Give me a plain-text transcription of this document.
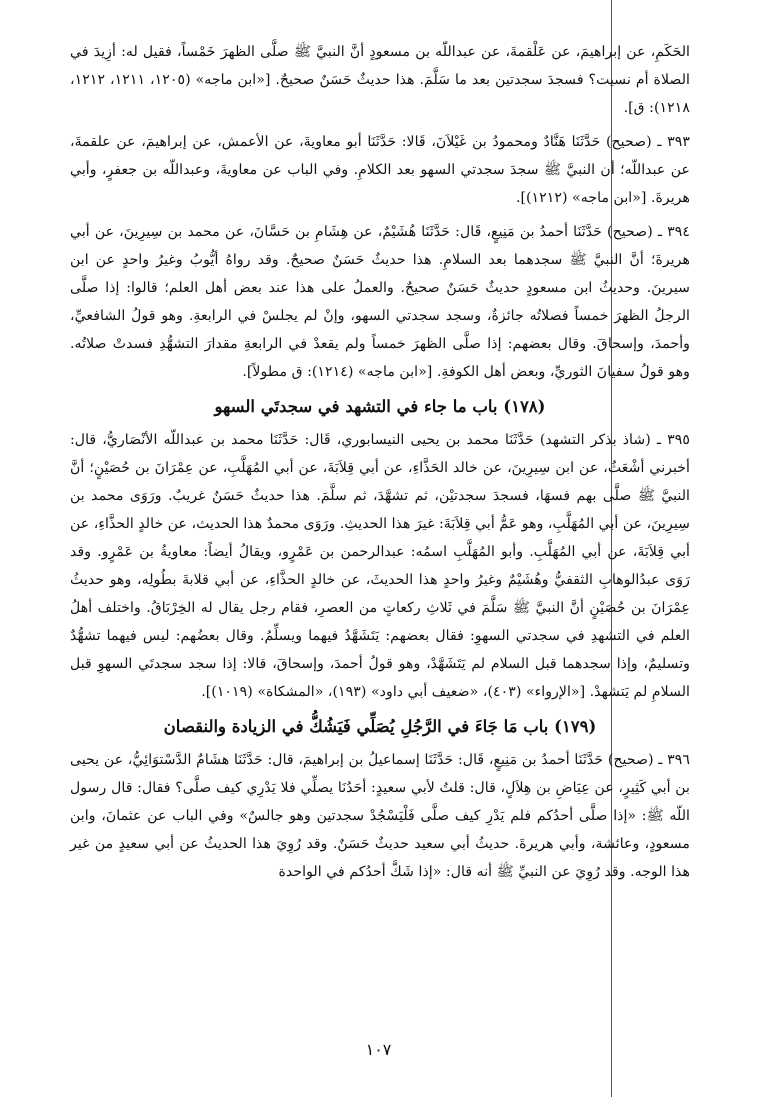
الحَكَمِ، عن إبراهيمَ، عن عَلْقمةَ، عن عبداللّه بن مسعودٍ أنَّ النبيَّ ﷺ صلَّى الظهرَ خَمْساً، فقيل له: أزِيدَ في الصلاة أم نسيت؟ فسجدَ سجدتين بعد ما سَلَّمَ. هذا حديثٌ حَسَنٌ صحيحٌ. [«ابن ماجه» (١٢٠٥، ١٢١١، ١٢١٢، ١٢١٨): ق].

٣٩٣ ـ (صحيح) حَدَّثَنَا هَنَّادٌ ومحمودُ بن غَيْلاَنَ، قَالا: حَدَّثَنَا أبو معاويةَ، عن الأعمش، عن إبراهيمَ، عن علقمةَ، عن عبداللّه؛ أن النبيَّ ﷺ سجدَ سجدتي السهو بعد الكلامِ. وفي الباب عن معاويةَ، وعبداللّه بن جعفرٍ، وأبي هريرةَ. [«ابن ماجه» (١٢١٢)].

٣٩٤ ـ (صحيح) حَدَّثَنَا أحمدُ بن مَنِيعٍ، قَال: حَدَّثَنَا هُشَيْمٌ، عن هِشَامِ بن حَسَّانَ، عن محمد بن سِيرِينَ، عن أبي هريرةَ؛ أنَّ النبيَّ ﷺ سجدهما بعد السلامِ. هذا حديثٌ حَسَنٌ صحيحٌ. وقد رواهُ أيُّوبُ وغيرُ واحدٍ عن ابن سيرينَ. وحديثُ ابن مسعودٍ حديثٌ حَسَنٌ صحيحٌ. والعملُ على هذا عند بعض أهل العلم؛ قالوا: إذا صلَّى الرجلُ الظهرَ خمساً فصلاتُه جائزةٌ، وسجد سجدتي السهو، وإنْ لم يجلسْ في الرابعةِ. وهو قولُ الشافعيِّ، وأحمدَ، وإسحاقَ. وقال بعضهم: إذا صلَّى الظهرَ خمساً ولم يقعدْ في الرابعةِ مقدارَ التشهُّدِ فسدتْ صلاتُه. وهو قولُ سفيانَ الثوريِّ، وبعض أهل الكوفةِ. [«ابن ماجه» (١٢١٤): ق مطولاً].

(١٧٨) باب ما جاء في التشهد في سجدتَي السهو

٣٩٥ ـ (شاذ بذكر التشهد) حَدَّثَنَا محمد بن يحيى النيسابوري، قَال: حَدَّثَنَا محمد بن عبداللّه الأنْصَاريُّ، قال: أخبرني أشْعَثُ، عن ابن سِيرِينَ، عن خالد الحَذَّاءِ، عن أبي قِلاَبَةَ، عن أبي المُهَلَّبِ، عن عِمْرَانَ بن حُصَيْنٍ؛ أنَّ النبيَّ ﷺ صلَّى بهم فسهَا، فسجدَ سجدتيْن، ثم تشهَّدَ، ثم سلَّمَ. هذا حديثٌ حَسَنٌ غريبٌ. ورَوَى محمد بن سِيرِينَ، عن أبي المُهَلَّبِ، وهو عَمُّ أبي قِلاَبَةَ: غيرَ هذا الحديثِ. ورَوَى محمدٌ هذا الحديث، عن خالدٍ الحذَّاءِ، عن أبي قِلاَبَةَ، عن أبي المُهَلَّبِ. وأبو المُهَلَّبِ اسمُه: عبدالرحمن بن عَمْرٍو، ويقالُ أيضاً: معاويةُ بن عَمْرٍو. وقد رَوَى عبدُالوهابِ الثقفيُّ وهُشَيْمٌ وغيرُ واحدٍ هذا الحديثَ، عن خالدٍ الحذَّاءِ، عن أبي قلابةَ بطُولِه، وهو حديثُ عِمْرَانَ بن حُصَيْنٍ أنَّ النبيَّ ﷺ سَلَّمَ في ثَلاثِ ركعاتٍ من العصرِ، فقام رجل يقال له الخِرْبَاقُ. واختلف أهلُ العلم في التشهدِ في سجدتي السهوِ: فقال بعضهم: يَتَشَهَّدُ فيهما ويسلِّمُ. وقال بعضُهم: ليس فيهما تشهُّدٌ وتسليمٌ، وإذا سجدهما قبل السلام لم يَتَشَهَّدْ، وهو قولُ أحمدَ، وإسحاقَ، قالا: إذا سجد سجدتَي السهوِ قبل السلامِ لم يَتشهدْ. [«الإرواء» (٤٠٣)، «ضعيف أبي داود» (١٩٣)، «المشكاة» (١٠١٩)].

(١٧٩) باب مَا جَاءَ في الرَّجُلِ يُصَلِّي فَيَشُكُّ في الزيادة والنقصان

٣٩٦ ـ (صحيح) حَدَّثَنَا أحمدُ بن مَنِيعٍ، قَال: حَدَّثَنَا إسماعيلُ بن إبراهيمَ، قال: حَدَّثَنَا هشَامٌ الدَّسْتوَائِيُّ، عن يحيى بن أبي كَثِيرٍ، عن عِيَاضِ بن هِلاَلٍ، قال: قلتُ لأبي سعيدٍ: أحَدُنَا يصلِّي فلا يَدْرِي كيف صلَّى؟ فقال: قال رسول اللّه ﷺ: «إذا صلَّى أحدُكم فلم يَدْرِ كيف صلَّى فَلْيَسْجُدْ سجدتين وهو جالسٌ» وفي الباب عن عثمانَ، وابن مسعودٍ، وعائشة، وأبي هريرةَ. حديثُ أبي سعيد حديثٌ حَسَنٌ. وقد رُوِيَ هذا الحديثُ عن أبي سعيدٍ من غير هذا الوجه. وقد رُوِيَ عن النبيِّ ﷺ أنه قال: «إذا شَكَّ أحدُكم في الواحدة

١٠٧
